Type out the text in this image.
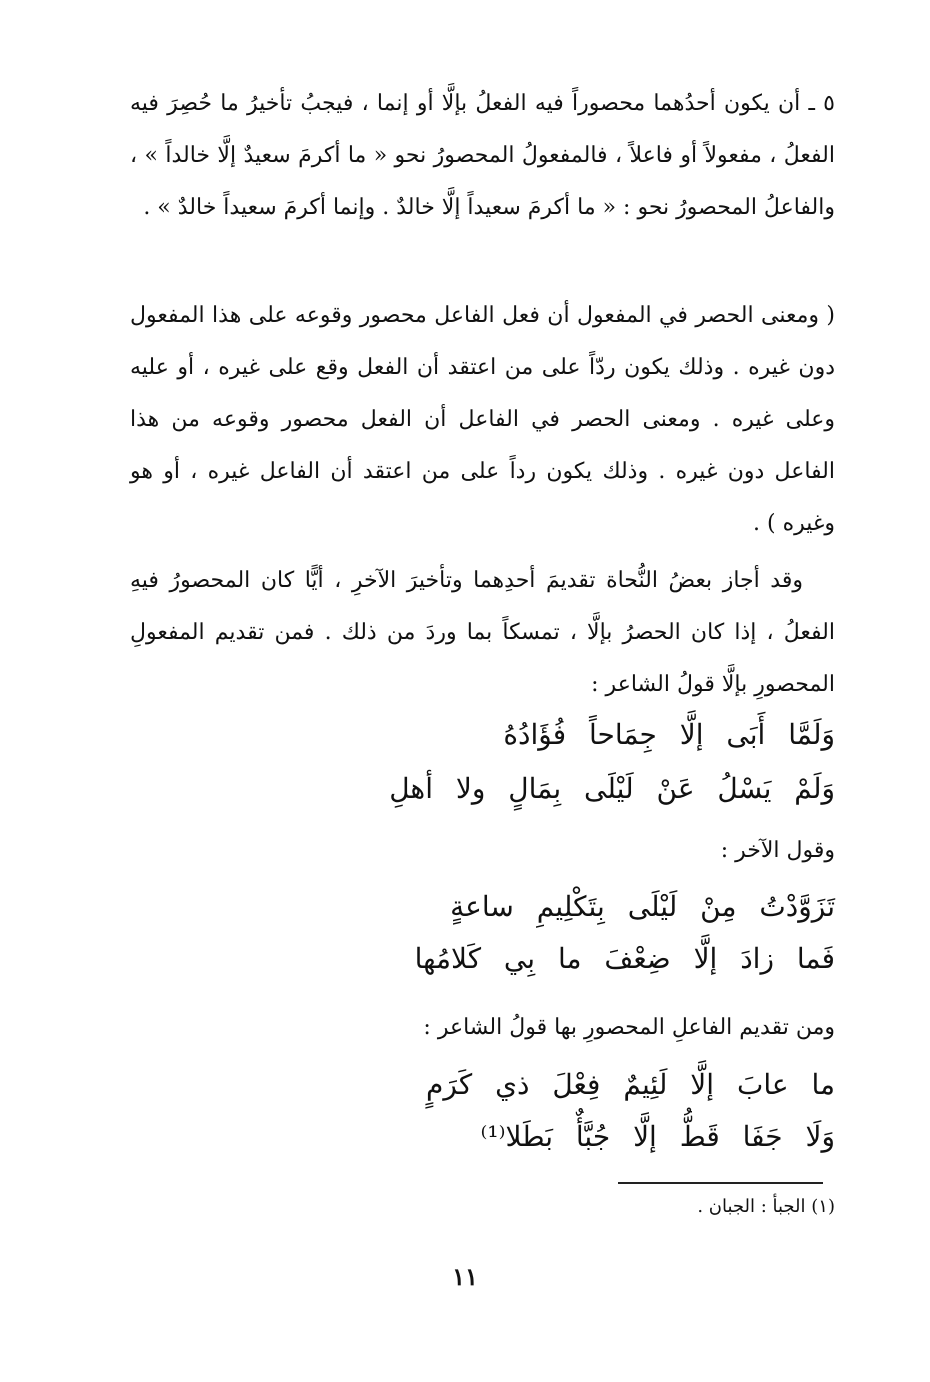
٥ ـ أن يكون أحدُهما محصوراً فيه الفعلُ بإلَّا أو إنما ، فيجبُ تأخيرُ ما حُصِرَ فيه الفعلُ ، مفعولاً أو فاعلاً ، فالمفعولُ المحصورُ نحو « ما أكرمَ سعيدٌ إلَّا خالداً » ، والفاعلُ المحصورُ نحو : « ما أكرمَ سعيداً إلَّا خالدٌ . وإنما أكرمَ سعيداً خالدٌ » .

( ومعنى الحصر في المفعول أن فعل الفاعل محصور وقوعه على هذا المفعول دون غيره . وذلك يكون ردّاً على من اعتقد أن الفعل وقع على غيره ، أو عليه وعلى غيره . ومعنى الحصر في الفاعل أن الفعل محصور وقوعه من هذا الفاعل دون غيره . وذلك يكون رداً على من اعتقد أن الفاعل غيره ، أو هو وغيره ) .

وقد أجاز بعضُ النُّحاة تقديمَ أحدِهما وتأخيرَ الآخرِ ، أيًّا كان المحصورُ فيهِ الفعلُ ، إذا كان الحصرُ بإلَّا ، تمسكاً بما وردَ من ذلك . فمن تقديم المفعولِ المحصورِ بإلَّا قولُ الشاعر :

وَلَمَّا أَبَى إلَّا جِمَاحاً فُؤَادُهُ
وَلَمْ يَسْلُ عَنْ لَيْلَى بِمَالٍ ولا أهلِ
وقول الآخر :
تَزَوَّدْتُ مِنْ لَيْلَى بِتَكْلِيمِ ساعةٍ
فَما زادَ إلَّا ضِعْفَ ما بِي كَلامُها
ومن تقديم الفاعلِ المحصورِ بها قولُ الشاعر :
ما عابَ إلَّا لَئِيمٌ فِعْلَ ذي كَرَمٍ
وَلَا جَفَا قَطُّ إلَّا جُبَّأٌ بَطَلا⁽¹⁾
(١) الجبأ : الجبان .
١١
